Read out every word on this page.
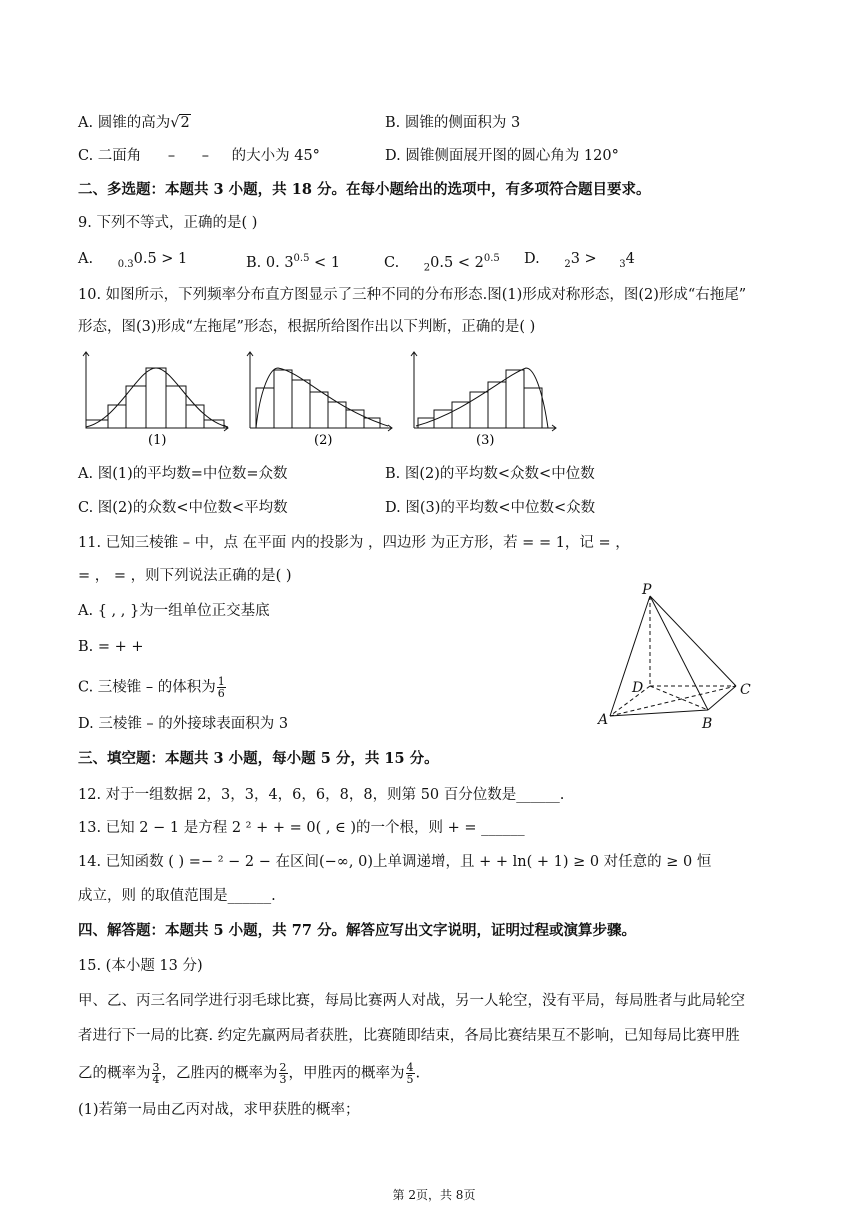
A. 圆锥的高为√2	B. 圆锥的侧面积为 3
C. 二面角 – – 的大小为 45°	D. 圆锥侧面展开图的圆心角为 120°
二、多选题：本题共 3 小题，共 18 分。在每小题给出的选项中，有多项符合题目要求。
9. 下列不等式，正确的是( )
A. $_{0.3}$0.5 > 1	B. 0. $3^{0.5} < 1$	C. $_20.5 < 2^{0.5}$ D. $_2$3 > $_3$4
10. 如图所示，下列频率分布直方图显示了三种不同的分布形态.图(1)形成对称形态，图(2)形成“右拖尾”
形态，图(3)形成“左拖尾”形态，根据所给图作出以下判断，正确的是( )
(1)	(2)	(3)
A. 图(1)的平均数=中位数=众数	B. 图(2)的平均数<众数<中位数
C. 图(2)的众数<中位数<平均数	D. 图(3)的平均数<中位数<众数
11. 已知三棱锥 – 中，点 在平面 内的投影为 ，四边形 为正方形，若 = = 1，记 = ，
= ， = ，则下列说法正确的是( )
A. { , , }为一组单位正交基底
B. = + +
C. 三棱锥 – 的体积为 $\frac{1}{6}$
D. 三棱锥 – 的外接球表面积为 3
P
A	B
C
D
三、填空题：本题共 3 小题，每小题 5 分，共 15 分。
12. 对于一组数据 2，3，3，4，6，6，8，8，则第 50 百分位数是______.
13. 已知 2 − 1 是方程 2 ² + + = 0( , ∈ )的一个根，则 + = ______
14. 已知函数 ( ) =− ² − 2 − 在区间(−∞, 0)上单调递增，且 + + ln( + 1) ≥ 0 对任意的 ≥ 0 恒
成立，则 的取值范围是______.
四、解答题：本题共 5 小题，共 77 分。解答应写出文字说明，证明过程或演算步骤。
15. (本小题 13 分)
甲、乙、丙三名同学进行羽毛球比赛，每局比赛两人对战，另一人轮空，没有平局，每局胜者与此局轮空
者进行下一局的比赛. 约定先赢两局者获胜，比赛随即结束，各局比赛结果互不影响，已知每局比赛甲胜
乙的概率为 $\frac{3}{4}$ ，乙胜丙的概率为 $\frac{2}{3}$ ，甲胜丙的概率为 $\frac{4}{5}$ .
(1)若第一局由乙丙对战，求甲获胜的概率；
第 2页，共 8页
